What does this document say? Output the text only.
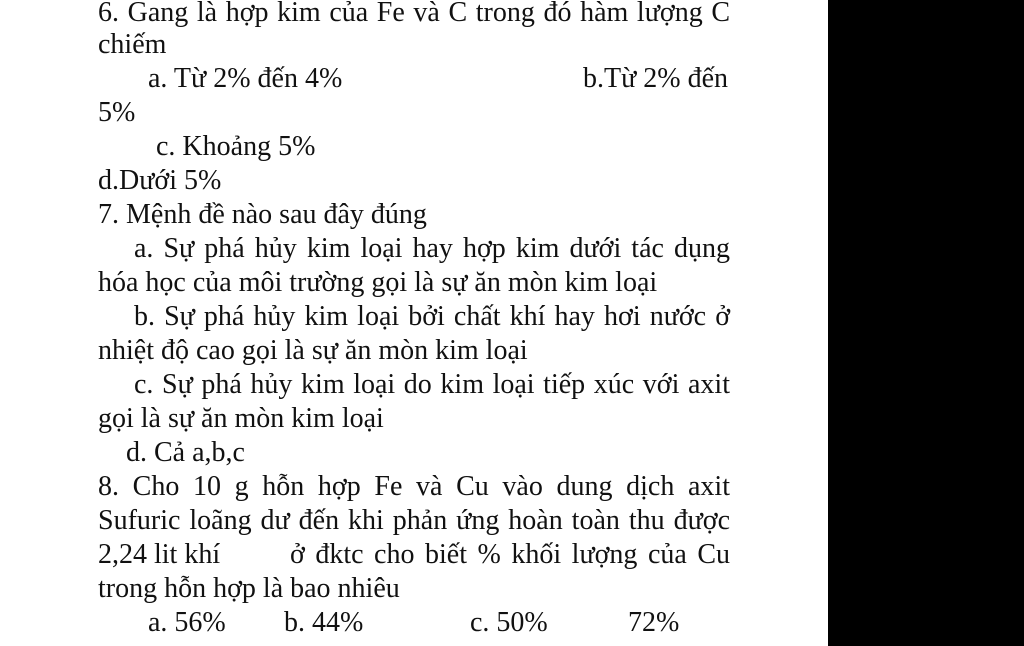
6. Gang là hợp kim của Fe và C trong đó hàm lượng C
chiếm
a. Từ 2% đến 4%	b.Từ 2% đến
5%
c. Khoảng 5%
d.Dưới 5%
7. Mệnh đề nào sau đây đúng
a. Sự phá hủy kim loại hay hợp kim dưới tác dụng
hóa học của môi trường gọi là sự ăn mòn kim loại
b. Sự phá hủy kim loại bởi chất khí hay hơi nước ở
nhiệt độ cao gọi là sự ăn mòn kim loại
c. Sự phá hủy kim loại do kim loại tiếp xúc với axit
gọi là sự ăn mòn kim loại
d. Cả a,b,c
8. Cho 10 g hỗn hợp Fe và Cu vào dung dịch axit
Sufuric loãng dư đến khi phản ứng hoàn toàn thu được
2,24 lit khí ở đktc cho biết % khối lượng của Cu
trong hỗn hợp là bao nhiêu
a. 56% b. 44%	c. 50%	72%
